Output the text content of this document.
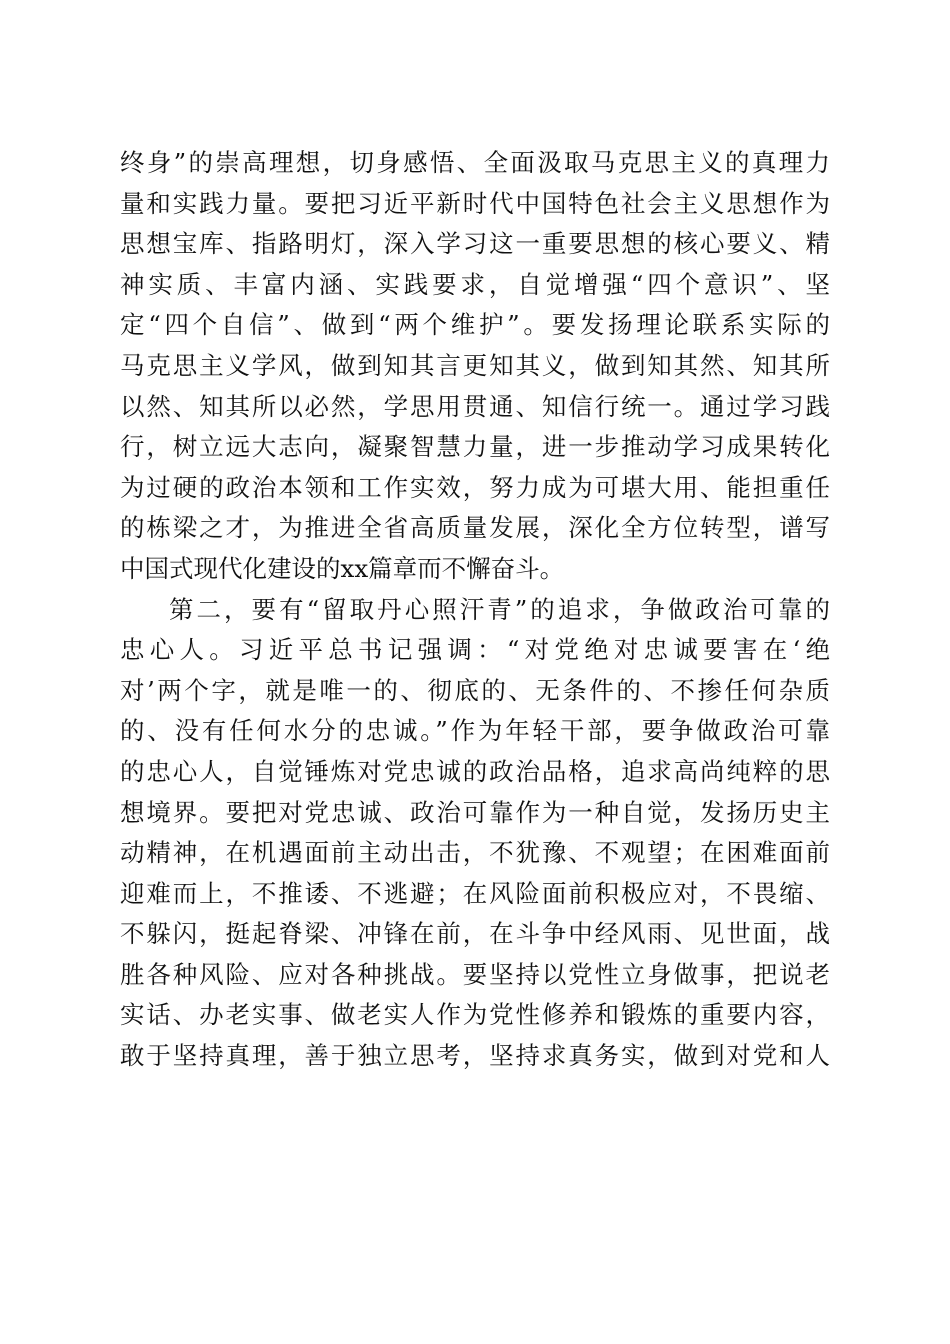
终身”的崇高理想，切身感悟、全面汲取马克思主义的真理力
量和实践力量。要把习近平新时代中国特色社会主义思想作为
思想宝库、指路明灯，深入学习这一重要思想的核心要义、精
神实质、丰富内涵、实践要求，自觉增强“四个意识”、坚
定“四个自信”、做到“两个维护”。要发扬理论联系实际的
马克思主义学风，做到知其言更知其义，做到知其然、知其所
以然、知其所以必然，学思用贯通、知信行统一。通过学习践
行，树立远大志向，凝聚智慧力量，进一步推动学习成果转化
为过硬的政治本领和工作实效，努力成为可堪大用、能担重任
的栋梁之才，为推进全省高质量发展，深化全方位转型，谱写
中国式现代化建设的xx篇章而不懈奋斗。
第二，要有“留取丹心照汗青”的追求，争做政治可靠的
忠心人。习近平总书记强调：“对党绝对忠诚要害在‘绝
对’两个字，就是唯一的、彻底的、无条件的、不掺任何杂质
的、没有任何水分的忠诚。”作为年轻干部，要争做政治可靠
的忠心人，自觉锤炼对党忠诚的政治品格，追求高尚纯粹的思
想境界。要把对党忠诚、政治可靠作为一种自觉，发扬历史主
动精神，在机遇面前主动出击，不犹豫、不观望；在困难面前
迎难而上，不推诿、不逃避；在风险面前积极应对，不畏缩、
不躲闪，挺起脊梁、冲锋在前，在斗争中经风雨、见世面，战
胜各种风险、应对各种挑战。要坚持以党性立身做事，把说老
实话、办老实事、做老实人作为党性修养和锻炼的重要内容，
敢于坚持真理，善于独立思考，坚持求真务实，做到对党和人
